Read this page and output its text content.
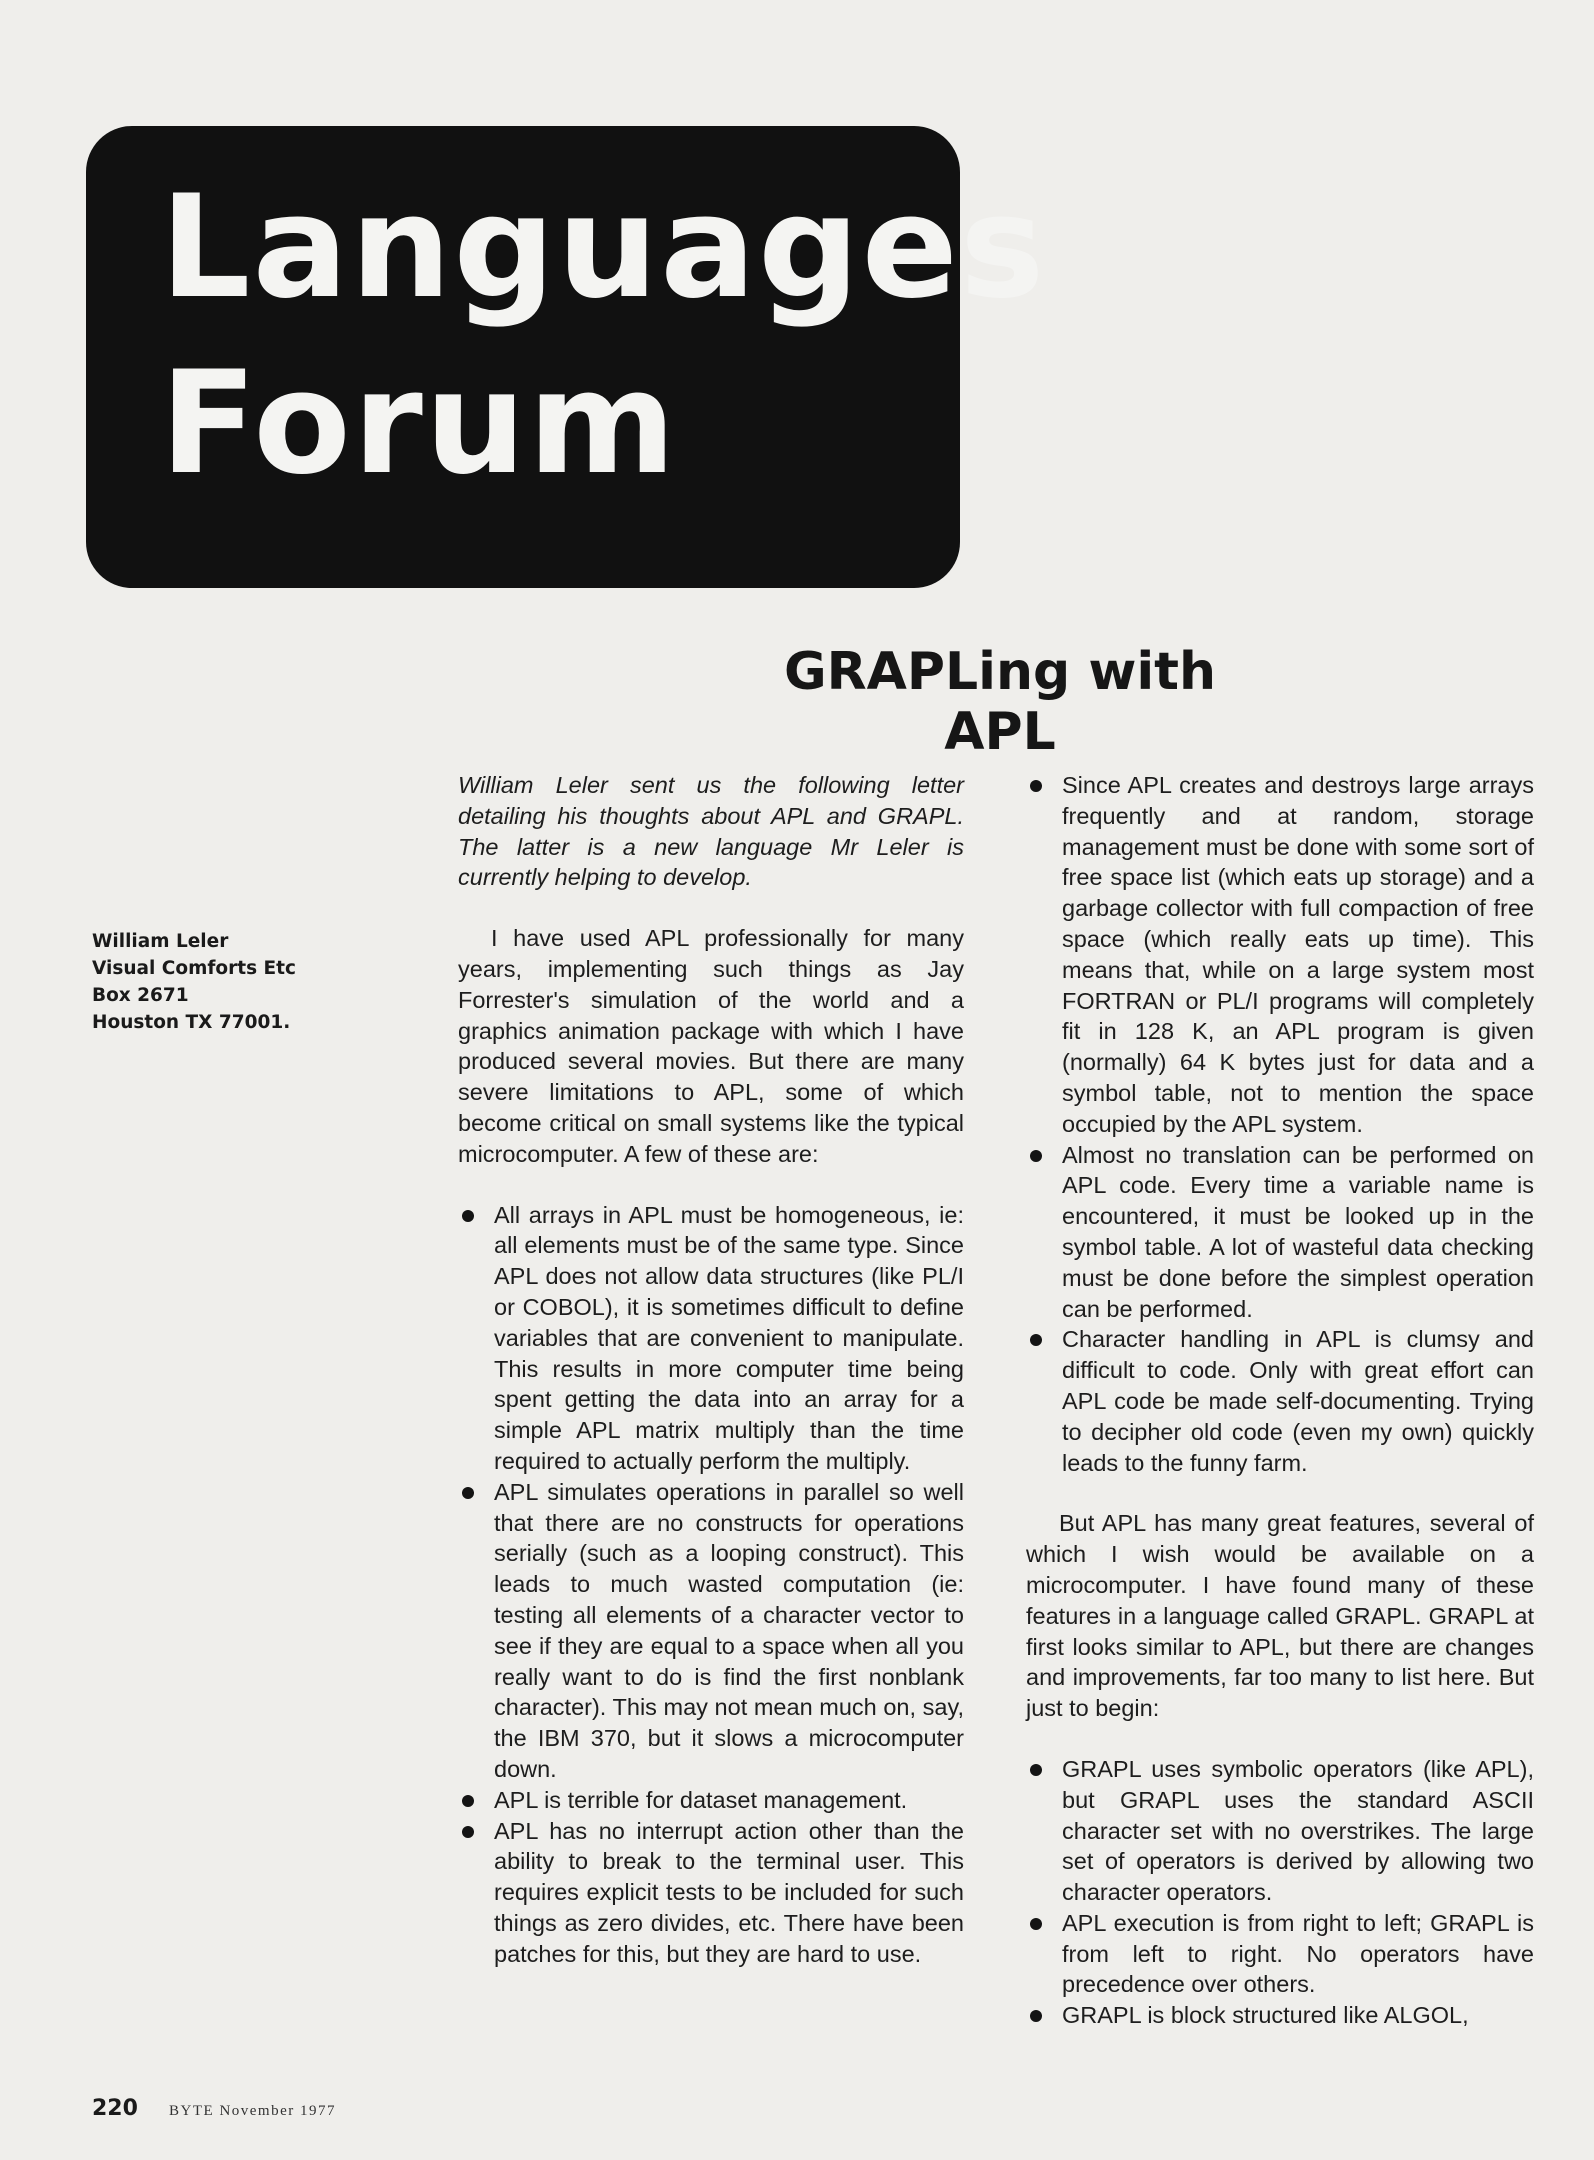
Languages
Forum
GRAPLing with APL
William Leler
Visual Comforts Etc
Box 2671
Houston TX 77001.

William Leler sent us the following letter detailing his thoughts about APL and GRAPL. The latter is a new language Mr Leler is currently helping to develop.

I have used APL professionally for many years, implementing such things as Jay Forrester's simulation of the world and a graphics animation package with which I have produced several movies. But there are many severe limitations to APL, some of which become critical on small systems like the typical microcomputer. A few of these are:

All arrays in APL must be homogeneous, ie: all elements must be of the same type. Since APL does not allow data structures (like PL/I or COBOL), it is sometimes difficult to define variables that are convenient to manipulate. This results in more computer time being spent getting the data into an array for a simple APL matrix multiply than the time required to actually perform the multiply.
APL simulates operations in parallel so well that there are no constructs for operations serially (such as a looping construct). This leads to much wasted computation (ie: testing all elements of a character vector to see if they are equal to a space when all you really want to do is find the first nonblank character). This may not mean much on, say, the IBM 370, but it slows a microcomputer down.
APL is terrible for dataset management.
APL has no interrupt action other than the ability to break to the terminal user. This requires explicit tests to be included for such things as zero divides, etc. There have been patches for this, but they are hard to use.
Since APL creates and destroys large arrays frequently and at random, storage management must be done with some sort of free space list (which eats up storage) and a garbage collector with full compaction of free space (which really eats up time). This means that, while on a large system most FORTRAN or PL/I programs will completely fit in 128 K, an APL program is given (normally) 64 K bytes just for data and a symbol table, not to mention the space occupied by the APL system.
Almost no translation can be performed on APL code. Every time a variable name is encountered, it must be looked up in the symbol table. A lot of wasteful data checking must be done before the simplest operation can be performed.
Character handling in APL is clumsy and difficult to code. Only with great effort can APL code be made self-documenting. Trying to decipher old code (even my own) quickly leads to the funny farm.

But APL has many great features, several of which I wish would be available on a microcomputer. I have found many of these features in a language called GRAPL. GRAPL at first looks similar to APL, but there are changes and improvements, far too many to list here. But just to begin:

GRAPL uses symbolic operators (like APL), but GRAPL uses the standard ASCII character set with no overstrikes. The large set of operators is derived by allowing two character operators.
APL execution is from right to left; GRAPL is from left to right. No operators have precedence over others.
GRAPL is block structured like ALGOL,
220 BYTE November 1977
